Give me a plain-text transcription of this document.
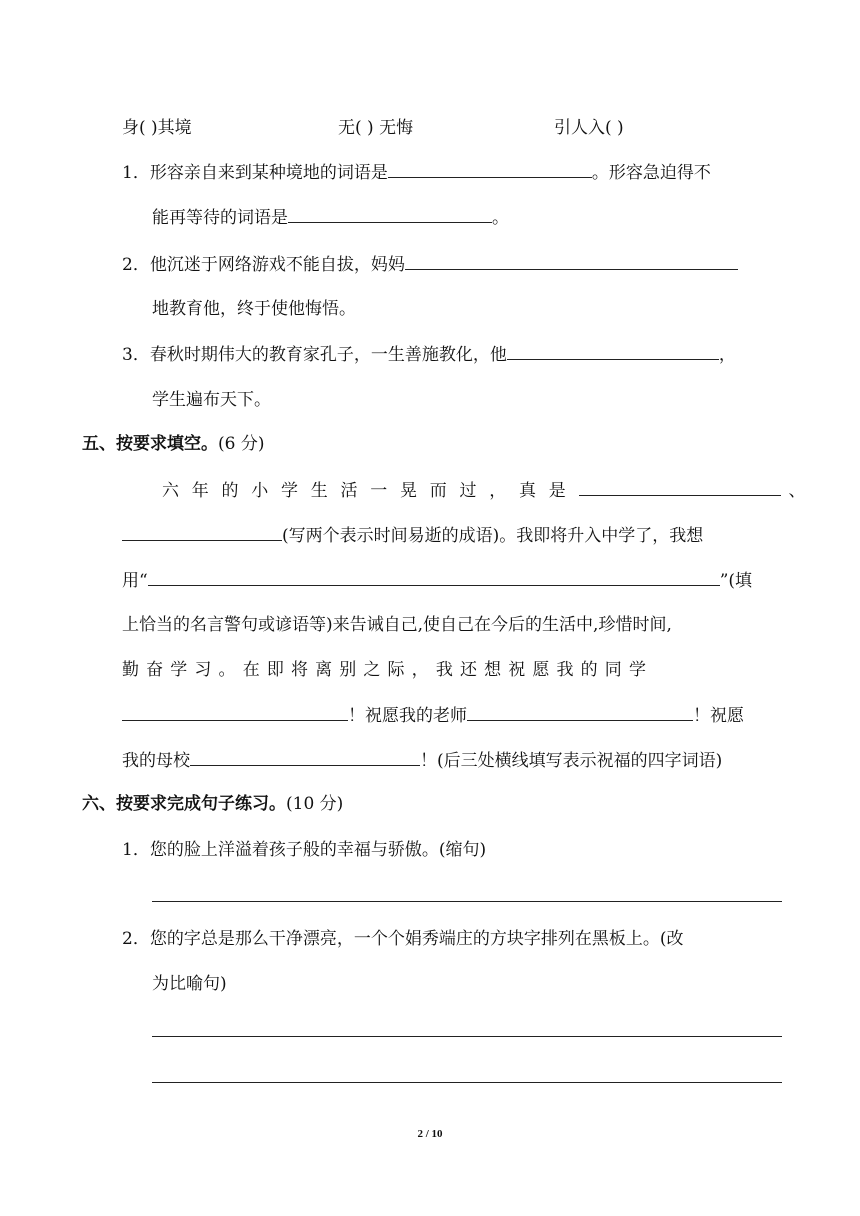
身( )其境	无( ) 无悔	引人入( )
1．形容亲自来到某种境地的词语是	。形容急迫得不
能再等待的词语是	。
2．他沉迷于网络游戏不能自拔，妈妈
地教育他，终于使他悔悟。
3．春秋时期伟大的教育家孔子，一生善施教化，他	，
学生遍布天下。
五、按要求填空。(6 分)
六年的小学生活一晃而过，真是	、
(写两个表示时间易逝的成语)。我即将升入中学了，我想
用“	”(填
上恰当的名言警句或谚语等)来告诫自己,使自己在今后的生活中,珍惜时间,
勤奋学习。在即将离别之际，我还想祝愿我的同学
！祝愿我的老师	！祝愿
我的母校	！(后三处横线填写表示祝福的四字词语)
六、按要求完成句子练习。(10 分)
1．您的脸上洋溢着孩子般的幸福与骄傲。(缩句)
2．您的字总是那么干净漂亮，一个个娟秀端庄的方块字排列在黑板上。(改
为比喻句)
2 / 10
